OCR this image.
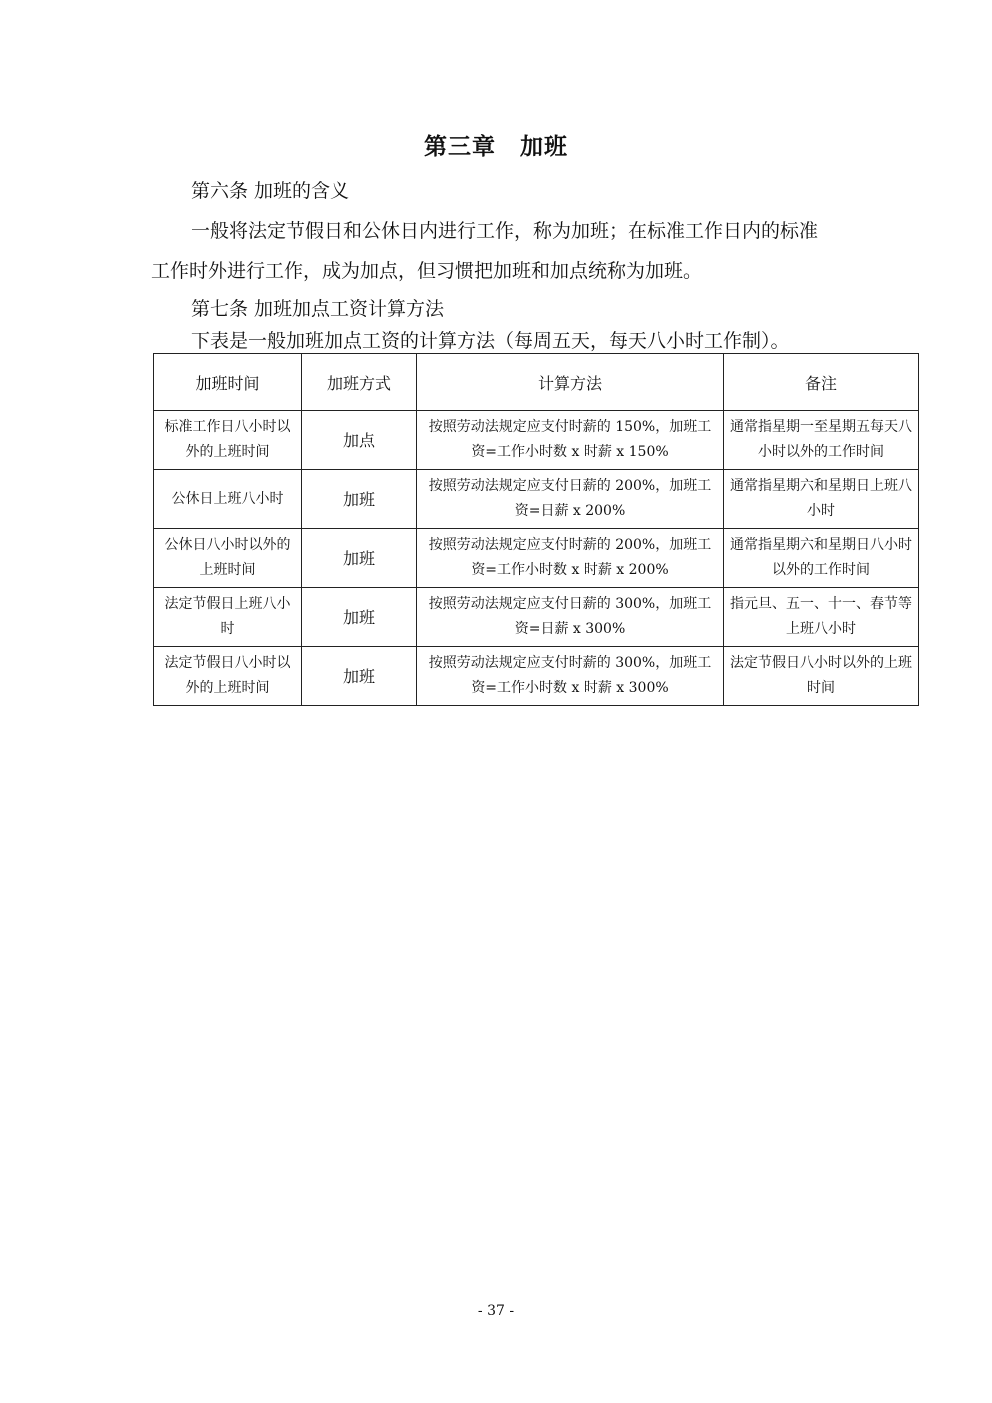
第三章　加班
第六条 加班的含义
一般将法定节假日和公休日内进行工作，称为加班；在标准工作日内的标准
工作时外进行工作，成为加点，但习惯把加班和加点统称为加班。
第七条 加班加点工资计算方法
下表是一般加班加点工资的计算方法（每周五天，每天八小时工作制）。
加班时间	加班方式	计算方法	备注
标准工作日八小时以外的上班时间	加点	按照劳动法规定应支付时薪的 150%，加班工资=工作小时数 x 时薪 x 150%	通常指星期一至星期五每天八小时以外的工作时间
公休日上班八小时	加班	按照劳动法规定应支付日薪的 200%，加班工资=日薪 x 200%	通常指星期六和星期日上班八小时
公休日八小时以外的上班时间	加班	按照劳动法规定应支付时薪的 200%，加班工资=工作小时数 x 时薪 x 200%	通常指星期六和星期日八小时以外的工作时间
法定节假日上班八小时	加班	按照劳动法规定应支付日薪的 300%，加班工资=日薪 x 300%	指元旦、五一、十一、春节等上班八小时
法定节假日八小时以外的上班时间	加班	按照劳动法规定应支付时薪的 300%，加班工资=工作小时数 x 时薪 x 300%	法定节假日八小时以外的上班时间
- 37 -
